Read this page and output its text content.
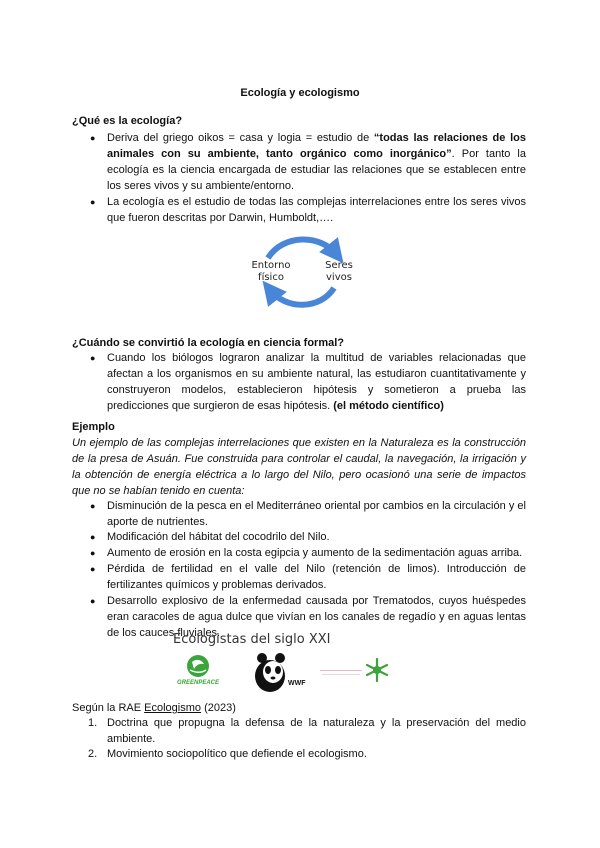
Ecología y ecologismo
¿Qué es la ecología?
● Deriva del griego oikos = casa y logia = estudio de “todas las relaciones de los animales con su ambiente, tanto orgánico como inorgánico”. Por tanto la ecología es la ciencia encargada de estudiar las relaciones que se establecen entre los seres vivos y su ambiente/entorno.
● La ecología es el estudio de todas las complejas interrelaciones entre los seres vivos que fueron descritas por Darwin, Humboldt,….
Entorno
físico
Seres
vivos
¿Cuándo se convirtió la ecología en ciencia formal?
● Cuando los biólogos lograron analizar la multitud de variables relacionadas que afectan a los organismos en su ambiente natural, las estudiaron cuantitativamente y construyeron modelos, establecieron hipótesis y sometieron a prueba las predicciones que surgieron de esas hipótesis. (el método científico)
Ejemplo
Un ejemplo de las complejas interrelaciones que existen en la Naturaleza es la construcción de la presa de Asuán. Fue construida para controlar el caudal, la navegación, la irrigación y la obtención de energía eléctrica a lo largo del Nilo, pero ocasionó una serie de impactos que no se habían tenido en cuenta:
● Disminución de la pesca en el Mediterráneo oriental por cambios en la circulación y el aporte de nutrientes.
● Modificación del hábitat del cocodrilo del Nilo.
● Aumento de erosión en la costa egipcia y aumento de la sedimentación aguas arriba.
● Pérdida de fertilidad en el valle del Nilo (retención de limos). Introducción de fertilizantes químicos y problemas derivados.
● Desarrollo explosivo de la enfermedad causada por Trematodos, cuyos huéspedes eran caracoles de agua dulce que vivían en los canales de regadío y en aguas lentas de los cauces fluviales.
Ecologistas del siglo XXI
GREENPEACE	WWF
Según la RAE Ecologismo (2023)
1. Doctrina que propugna la defensa de la naturaleza y la preservación del medio ambiente.
2. Movimiento sociopolítico que defiende el ecologismo.
